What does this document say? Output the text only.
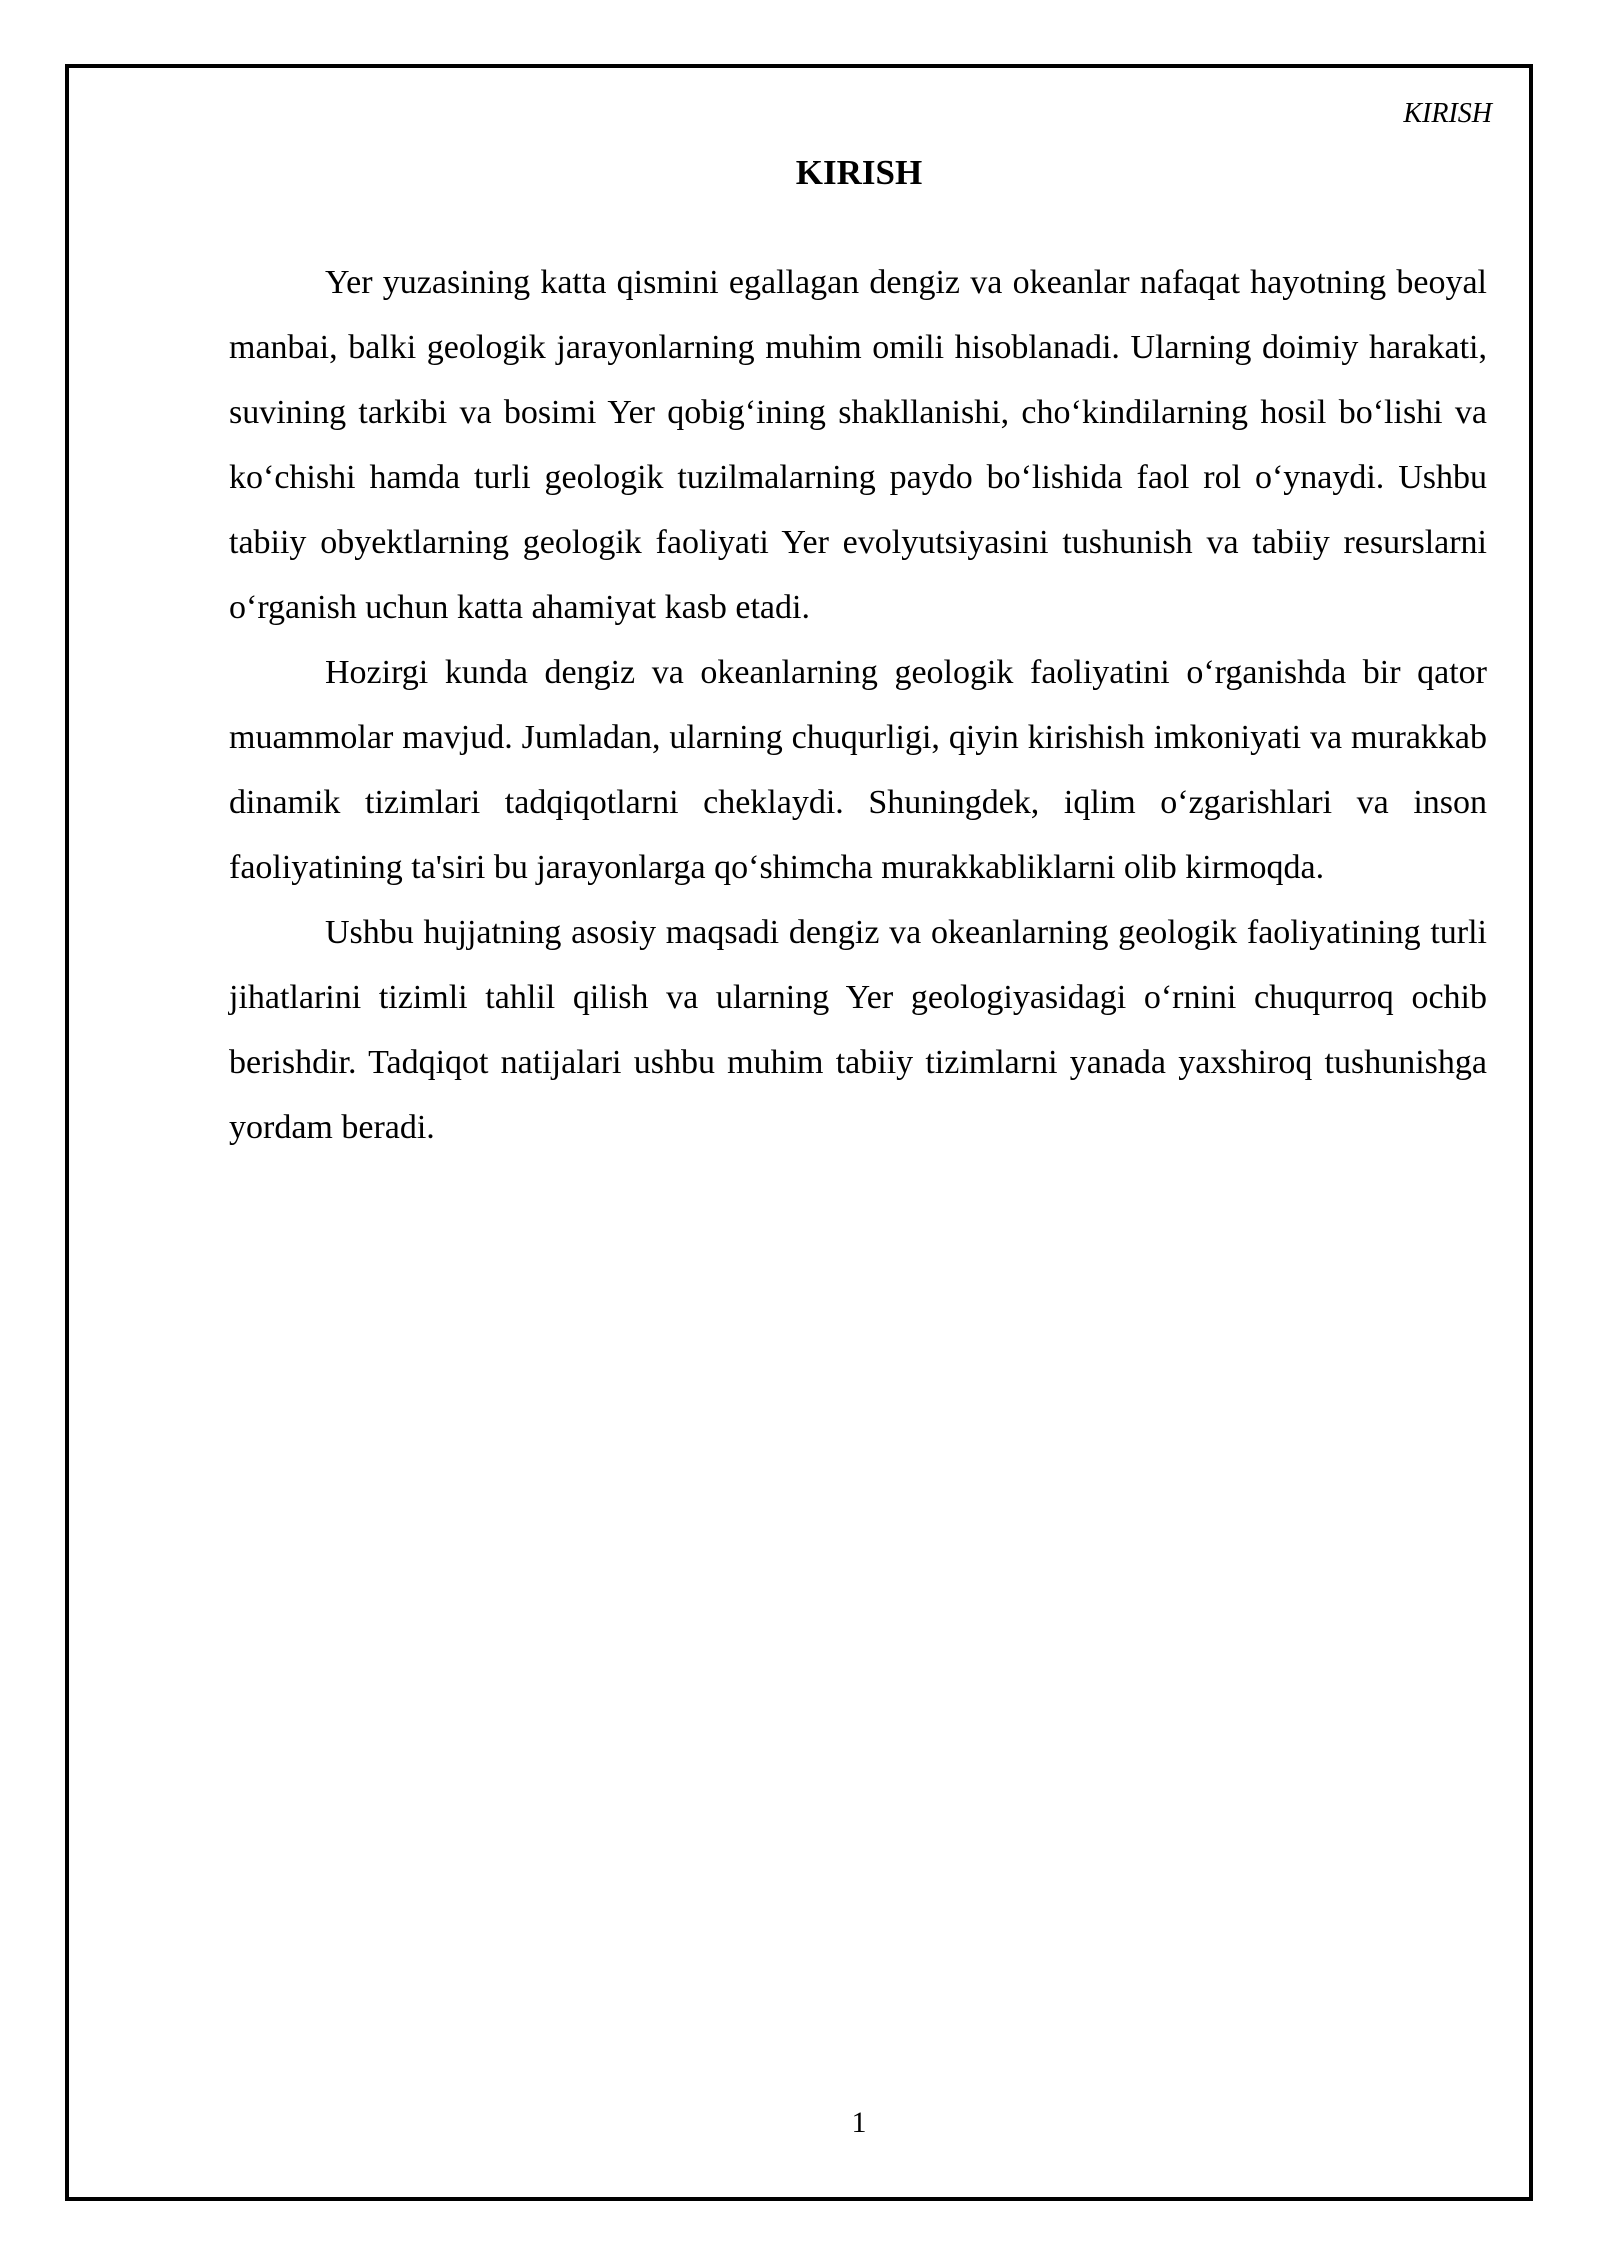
KIRISH
KIRISH

Yer yuzasining katta qismini egallagan dengiz va okeanlar nafaqat hayotning beoyal manbai, balki geologik jarayonlarning muhim omili hisoblanadi. Ularning doimiy harakati, suvining tarkibi va bosimi Yer qobig‘ining shakllanishi, cho‘kindilarning hosil bo‘lishi va ko‘chishi hamda turli geologik tuzilmalarning paydo bo‘lishida faol rol o‘ynaydi. Ushbu tabiiy obyektlarning geologik faoliyati Yer evolyutsiyasini tushunish va tabiiy resurslarni o‘rganish uchun katta ahamiyat kasb etadi.

Hozirgi kunda dengiz va okeanlarning geologik faoliyatini o‘rganishda bir qator muammolar mavjud. Jumladan, ularning chuqurligi, qiyin kirishish imkoniyati va murakkab dinamik tizimlari tadqiqotlarni cheklaydi. Shuningdek, iqlim o‘zgarishlari va inson faoliyatining ta'siri bu jarayonlarga qo‘shimcha murakkabliklarni olib kirmoqda.

Ushbu hujjatning asosiy maqsadi dengiz va okeanlarning geologik faoliyatining turli jihatlarini tizimli tahlil qilish va ularning Yer geologiyasidagi o‘rnini chuqurroq ochib berishdir. Tadqiqot natijalari ushbu muhim tabiiy tizimlarni yanada yaxshiroq tushunishga yordam beradi.

1
